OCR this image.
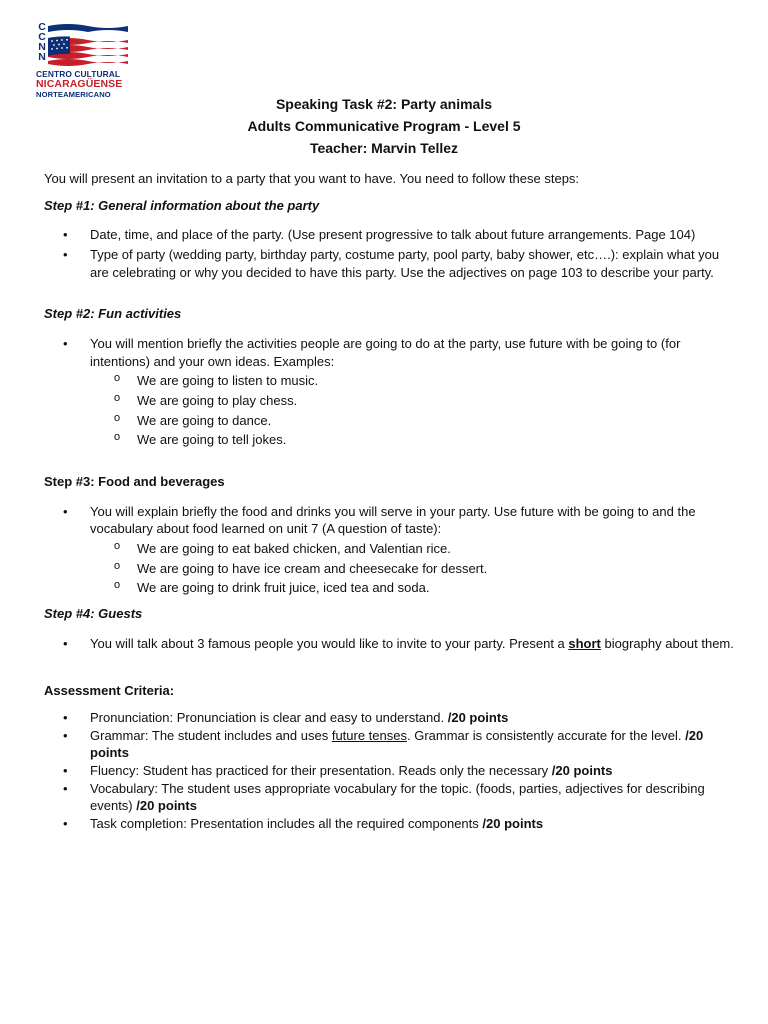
C
C
N
N
CENTRO CULTURAL
NICARAGÜENSE
NORTEAMERICANO
Speaking Task #2: Party animals
Adults Communicative Program - Level 5
Teacher: Marvin Tellez

You will present an invitation to a party that you want to have. You need to follow these steps:

Step #1: General information about the party

• Date, time, and place of the party. (Use present progressive to talk about future arrangements. Page 104)
• Type of party (wedding party, birthday party, costume party, pool party, baby shower, etc….): explain what you are celebrating or why you decided to have this party. Use the adjectives on page 103 to describe your party.

Step #2: Fun activities

• You will mention briefly the activities people are going to do at the party, use future with be going to (for intentions) and your own ideas. Examples:
o We are going to listen to music.
o We are going to play chess.
o We are going to dance.
o We are going to tell jokes.

Step #3: Food and beverages

• You will explain briefly the food and drinks you will serve in your party. Use future with be going to and the vocabulary about food learned on unit 7 (A question of taste):
o We are going to eat baked chicken, and Valentian rice.
o We are going to have ice cream and cheesecake for dessert.
o We are going to drink fruit juice, iced tea and soda.

Step #4: Guests

• You will talk about 3 famous people you would like to invite to your party. Present a short biography about them.

Assessment Criteria:

• Pronunciation: Pronunciation is clear and easy to understand. /20 points
• Grammar: The student includes and uses future tenses. Grammar is consistently accurate for the level. /20 points
• Fluency: Student has practiced for their presentation. Reads only the necessary /20 points
• Vocabulary: The student uses appropriate vocabulary for the topic. (foods, parties, adjectives for describing events) /20 points
• Task completion: Presentation includes all the required components /20 points
